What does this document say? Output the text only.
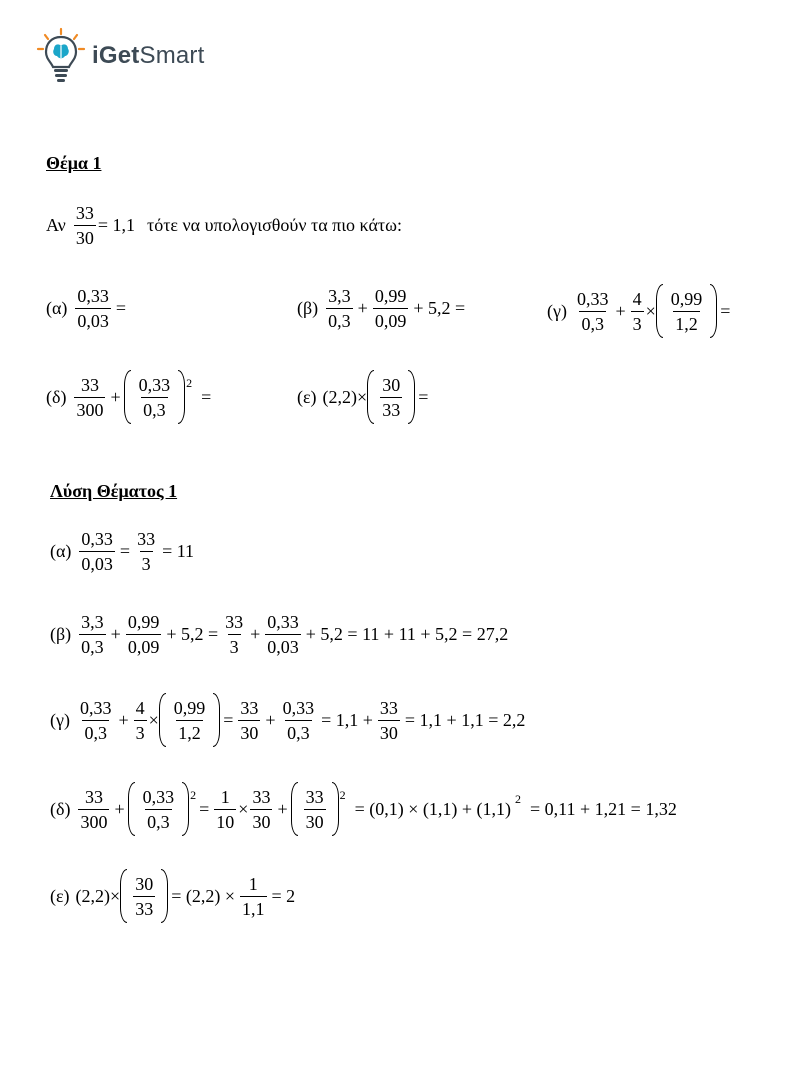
iGetSmart
Θέμα 1
Αν $\frac{33}{30} = 1,1$ τότε να υπολογισθούν τα πιο κάτω:
$(\alpha) \frac{0,33}{0,03}$ =	$(\beta) \frac{3,3}{0,3} + \frac{0,99}{0,09} + 5,2$ =	$(\gamma) \frac{0,33}{0,3} + \frac{4}{3} \times \frac{0,99}{1,2}$ =
$(\delta) \frac{33}{300} + \frac{0,33}{0,3} 2$
=	(ε) $(2,2) \times \frac{30}{33}$ =
Λύση Θέματος 1
$(\alpha) \frac{0,33}{0,03} = \frac{33}{3} = 11$
$(\beta) \frac{3,3}{0,3} + \frac{0,99}{0,09} + 5,2 = \frac{33}{3} + \frac{0,33}{0,03} + 5,2 = 11 + 11 + 5,2 = 27,2$
$(\gamma) \frac{0,33}{0,3} + \frac{4}{3} \times \frac{0,99}{1,2} = \frac{33}{30} + \frac{0,33}{0,3} = 1,1 + \frac{33}{30} = 1,1 + 1,1 = 2,2$
$(\delta) \frac{33}{300} + \frac{0,33}{0,3} 2$
= $\frac{1}{10} \times \frac{33}{30} + \frac{33}{30} 2$
= (0,1) × (1,1) + (1,1) 2 = 0,11 + 1,21 = 1,32
(ε) $(2,2) \times \frac{30}{33} = (2,2) \times \frac{1}{1,1} = 2$
